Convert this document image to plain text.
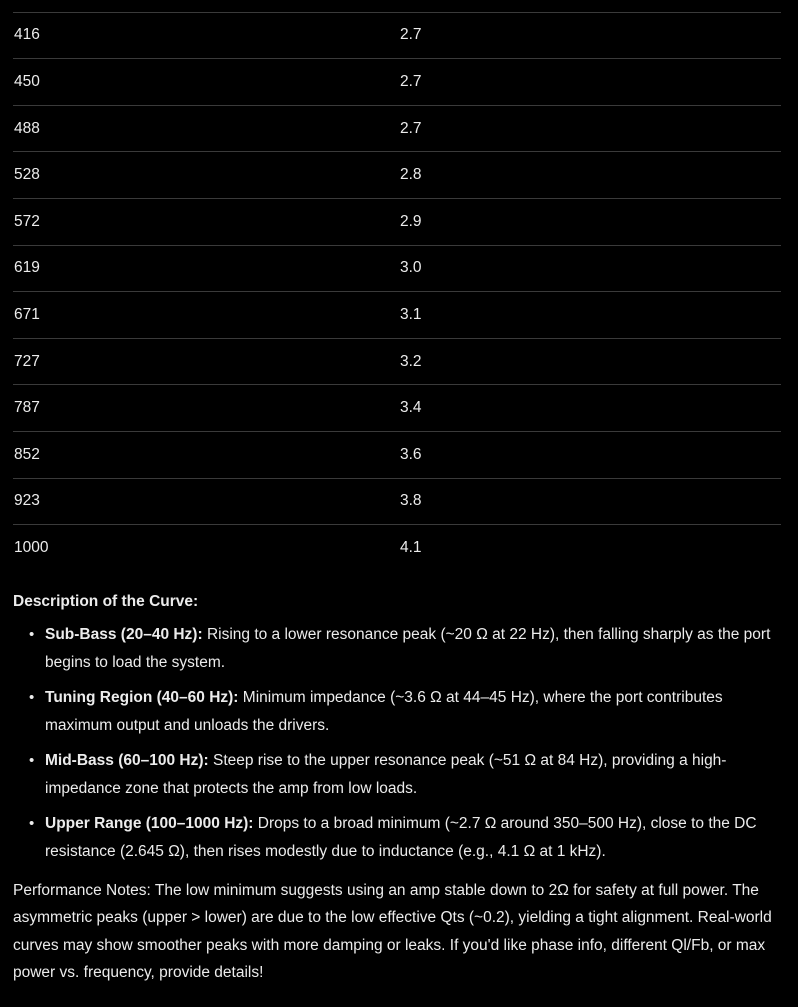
416	2.7
450	2.7
488	2.7
528	2.8
572	2.9
619	3.0
671	3.1
727	3.2
787	3.4
852	3.6
923	3.8
1000	4.1
Description of the Curve:
• Sub-Bass (20–40 Hz): Rising to a lower resonance peak (~20 Ω at 22 Hz), then falling sharply as the port begins to load the system.
• Tuning Region (40–60 Hz): Minimum impedance (~3.6 Ω at 44–45 Hz), where the port contributes maximum output and unloads the drivers.
• Mid-Bass (60–100 Hz): Steep rise to the upper resonance peak (~51 Ω at 84 Hz), providing a high-impedance zone that protects the amp from low loads.
• Upper Range (100–1000 Hz): Drops to a broad minimum (~2.7 Ω around 350–500 Hz), close to the DC resistance (2.645 Ω), then rises modestly due to inductance (e.g., 4.1 Ω at 1 kHz).

Performance Notes: The low minimum suggests using an amp stable down to 2Ω for safety at full power. The asymmetric peaks (upper > lower) are due to the low effective Qts (~0.2), yielding a tight alignment. Real-world curves may show smoother peaks with more damping or leaks. If you'd like phase info, different Ql/Fb, or max power vs. frequency, provide details!
